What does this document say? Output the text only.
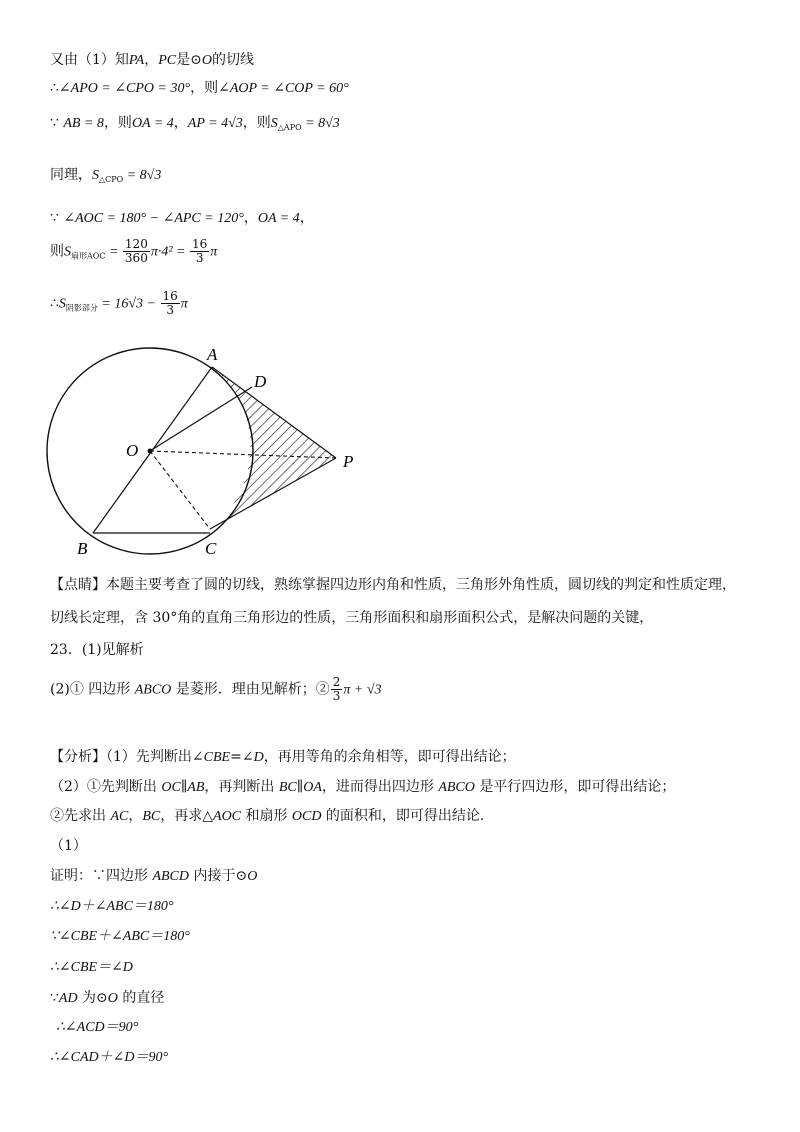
又由（1）知PA，PC是⊙O的切线
∴∠APO = ∠CPO = 30°，则∠AOP = ∠COP = 60°
∵ AB = 8，则OA = 4，AP = 4√3，则$S_{\triangle APO} = 8√3$
同理，$S_{\triangle CPO} = 8√3$
∵ ∠AOC = 180° − ∠APC = 120°，OA = 4，
则$S_{扇形AOC} = \frac{120}{360} \pi\cdot 4^2 = \frac{16}{3}$ π
$\therefore S_{阴影部分} = 16√3 - \frac{16}{3}$ π
A
D
O
P
B	C
【点睛】本题主要考查了圆的切线，熟练掌握四边形内角和性质，三角形外角性质，圆切线的判定和性质定理，
切线长定理，含 30°角的直角三角形边的性质，三角形面积和扇形面积公式，是解决问题的关键，
23．(1)见解析
(2)① 四边形 ABCO 是菱形．理由见解析；② $\frac{2}{3}$ π + √3
【分析】（1）先判断出∠CBE=∠D，再用等角的余角相等，即可得出结论；
（2）①先判断出 OC∥AB，再判断出 BC∥OA，进而得出四边形 ABCO 是平行四边形，即可得出结论；
②先求出 AC，BC，再求△AOC 和扇形 OCD 的面积和，即可得出结论．
（1）
证明：∵四边形 ABCD 内接于⊙O
∴∠D＋∠ABC＝180°
∵∠CBE＋∠ABC＝180°
∴∠CBE＝∠D
∵AD 为⊙O 的直径
∴∠ACD＝90°
∴∠CAD＋∠D＝90°
